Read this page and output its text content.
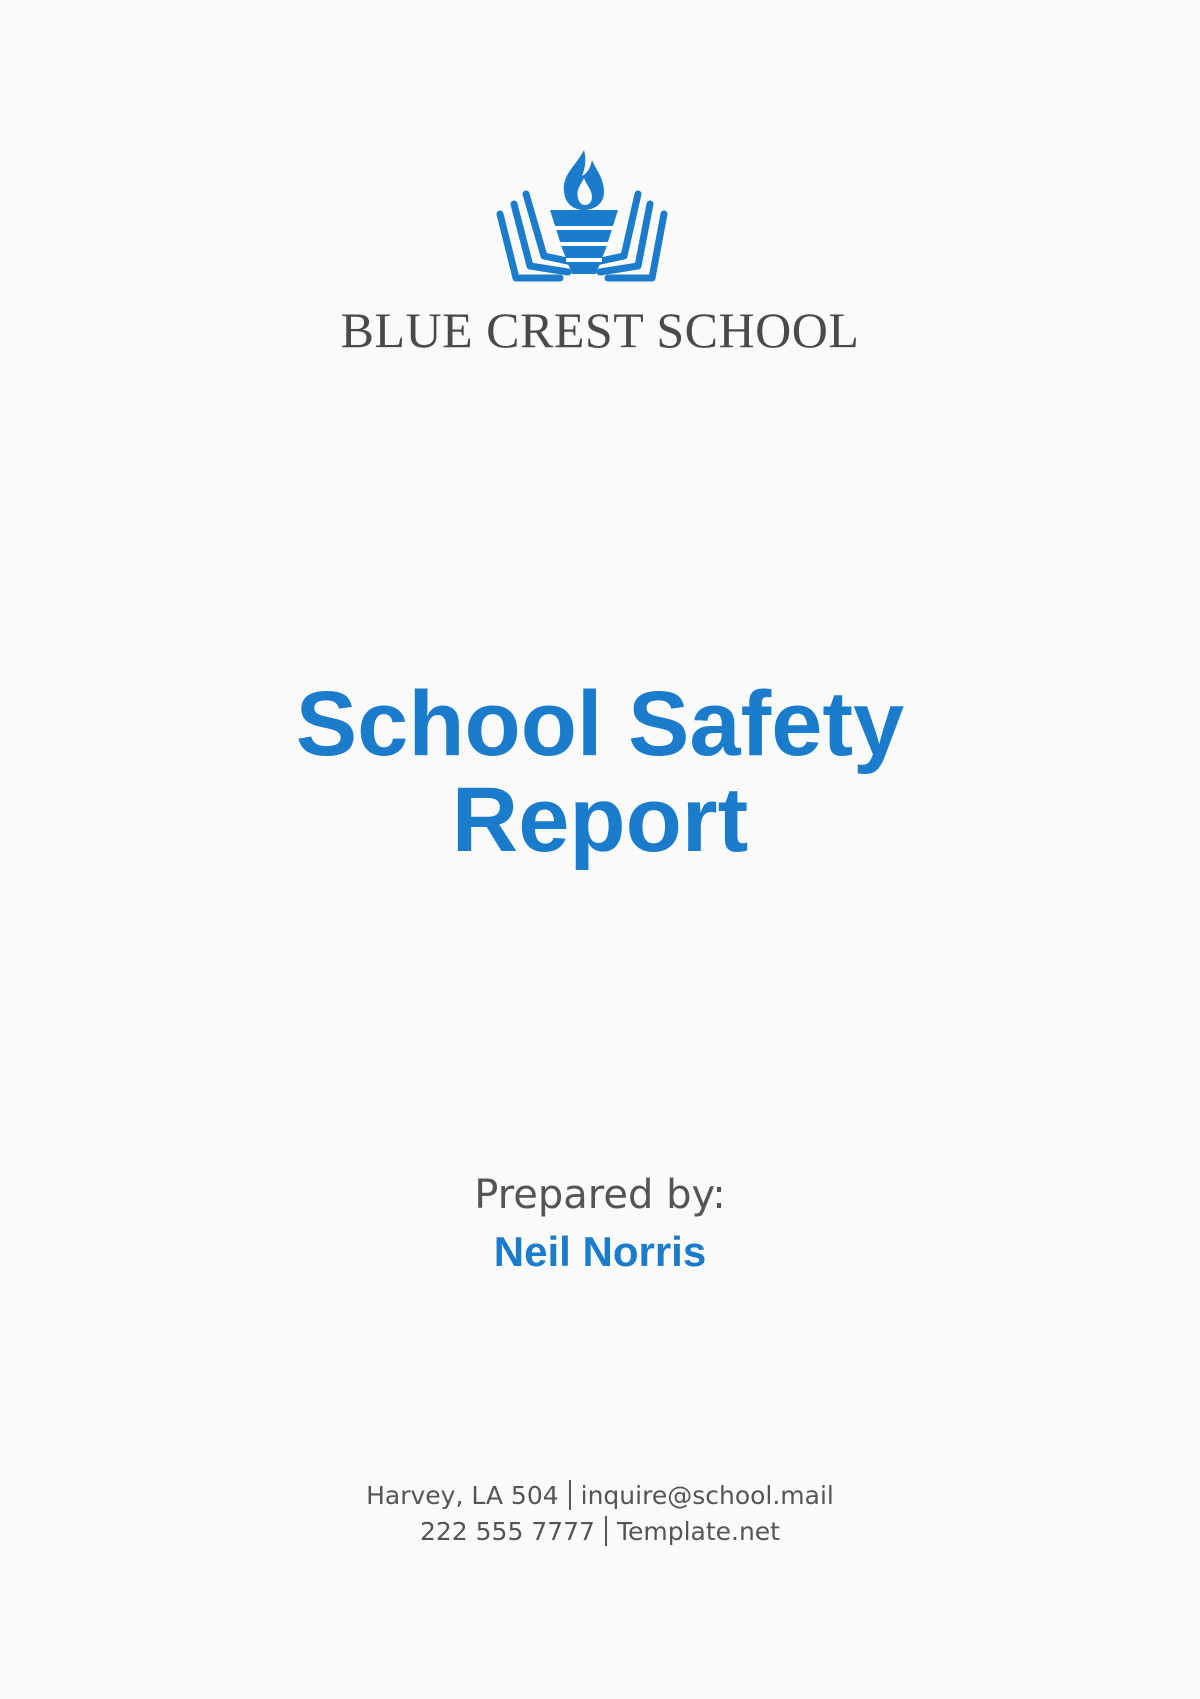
BLUE CREST SCHOOL
School Safety
Report
Prepared by:
Neil Norris
Harvey, LA 504 inquire@school.mail
222 555 7777 Template.net
